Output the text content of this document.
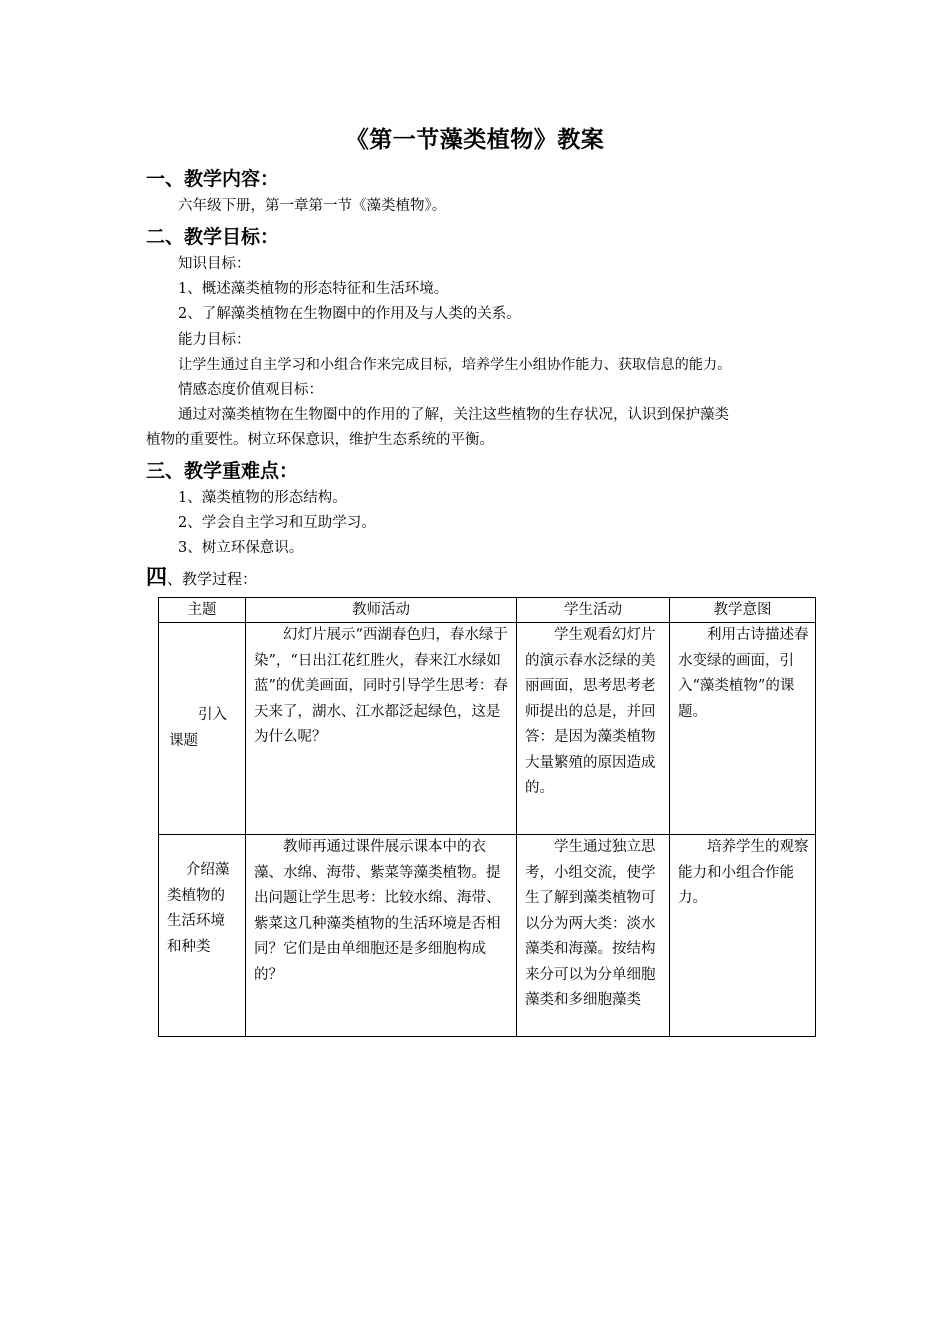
《第一节藻类植物》教案
一、教学内容：
六年级下册，第一章第一节《藻类植物》。
二、教学目标：
知识目标：
1、概述藻类植物的形态特征和生活环境。
2、了解藻类植物在生物圈中的作用及与人类的关系。
能力目标：
让学生通过自主学习和小组合作来完成目标，培养学生小组协作能力、获取信息的能力。
情感态度价值观目标：
通过对藻类植物在生物圈中的作用的了解，关注这些植物的生存状况，认识到保护藻类
植物的重要性。树立环保意识，维护生态系统的平衡。
三、教学重难点：
1、藻类植物的形态结构。
2、学会自主学习和互助学习。
3、树立环保意识。
四、教学过程：
主题	教师活动	学生活动	教学意图

引入课题	幻灯片展示“西湖春色归，春水绿于染”，“日出江花红胜火，春来江水绿如蓝”的优美画面，同时引导学生思考：春天来了，湖水、江水都泛起绿色，这是为什么呢？	学生观看幻灯片的演示春水泛绿的美丽画面，思考思考老师提出的总是，并回答：是因为藻类植物大量繁殖的原因造成的。	利用古诗描述春水变绿的画面，引入“藻类植物”的课题。

介绍藻类植物的生活环境和种类	教师再通过课件展示课本中的衣藻、水绵、海带、紫菜等藻类植物。提出问题让学生思考：比较水绵、海带、紫菜这几种藻类植物的生活环境是否相同？它们是由单细胞还是多细胞构成的？	学生通过独立思考，小组交流，使学生了解到藻类植物可以分为两大类：淡水藻类和海藻。按结构来分可以为分单细胞藻类和多细胞藻类	培养学生的观察能力和小组合作能力。
